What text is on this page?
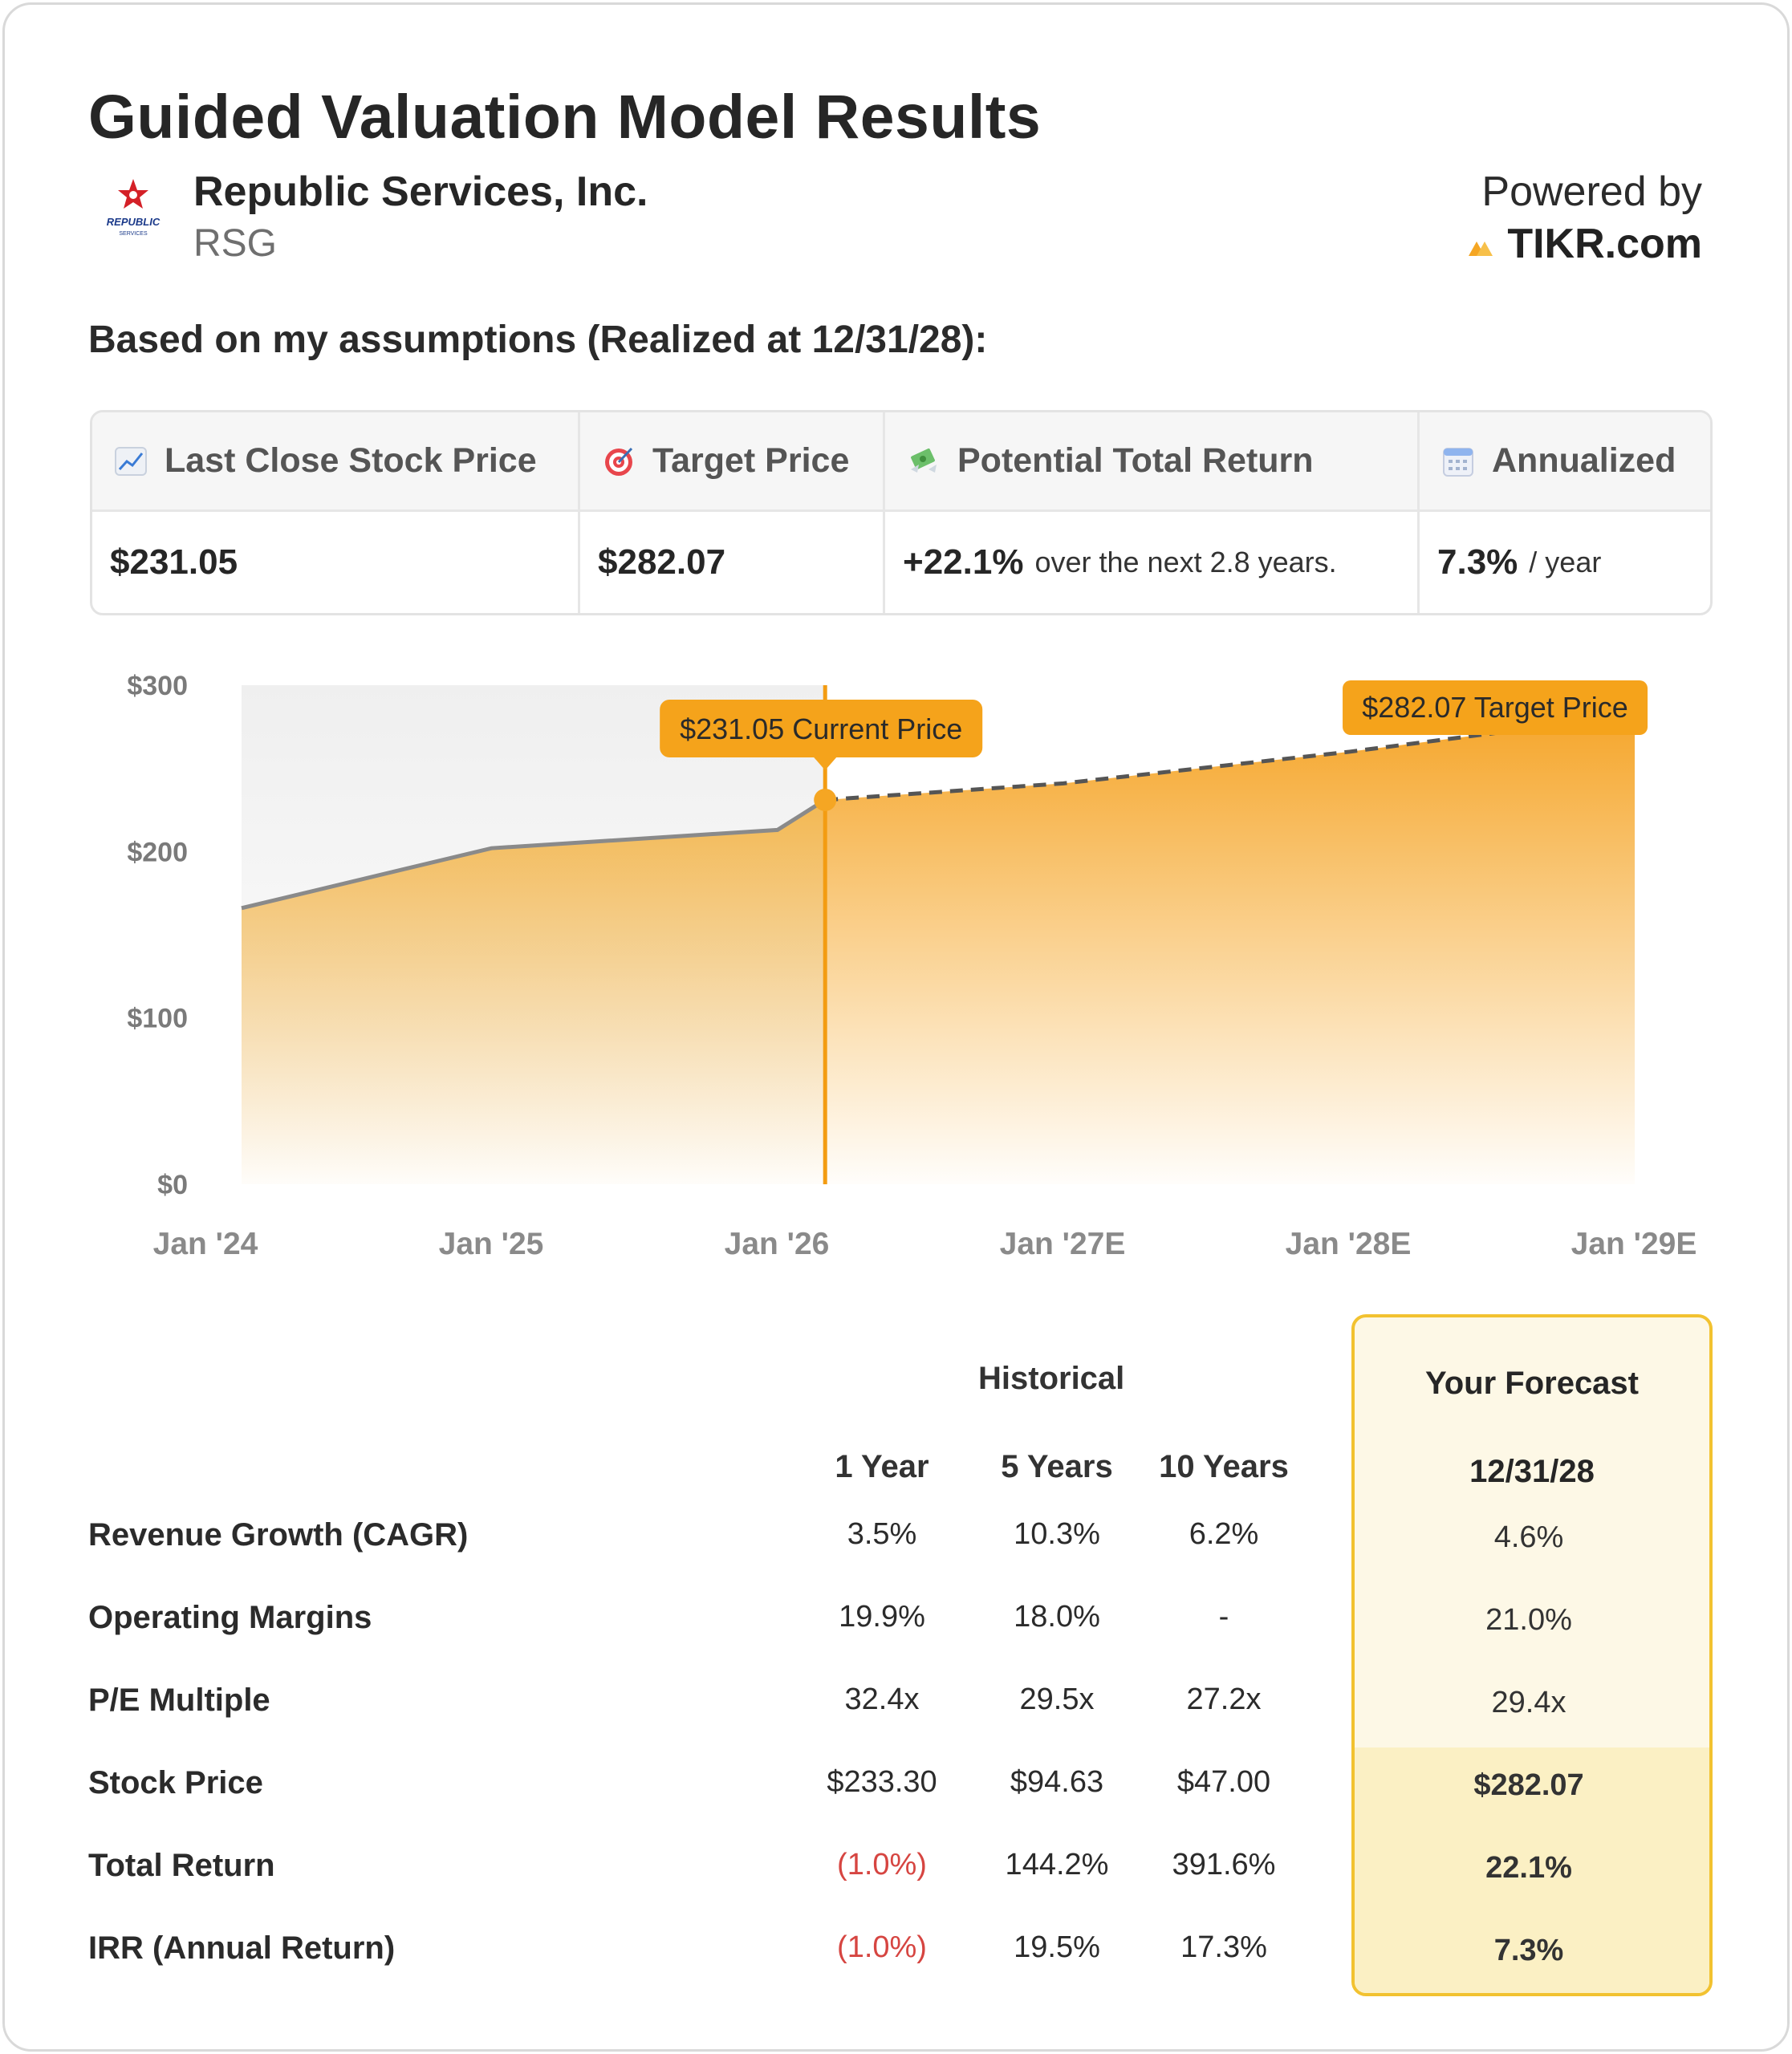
Guided Valuation Model Results
REPUBLIC
SERVICES
Republic Services, Inc.
RSG
Powered by
TIKR.com
Based on my assumptions (Realized at 12/31/28):
Last Close Stock Price
$231.05
Target Price
$282.07
Potential Total Return
+22.1% over the next 2.8 years.
Annualized
7.3% / year
$300
$200
$100
$0
Jan '24	Jan '25	Jan '26	Jan '27E	Jan '28E	Jan '29E
$231.05 Current Price
$282.07 Target Price
Your Forecast
12/31/28
Historical
1 Year 5 Years 10 Years
Revenue Growth (CAGR)	3.5%	10.3%	6.2%	4.6%
Operating Margins	19.9%	18.0%	-	21.0%
P/E Multiple	32.4x	29.5x	27.2x	29.4x
Stock Price	$233.30 $94.63 $47.00	$282.07
Total Return	(1.0%)	144.2% 391.6%	22.1%
IRR (Annual Return)	(1.0%)	19.5%	17.3%	7.3%
